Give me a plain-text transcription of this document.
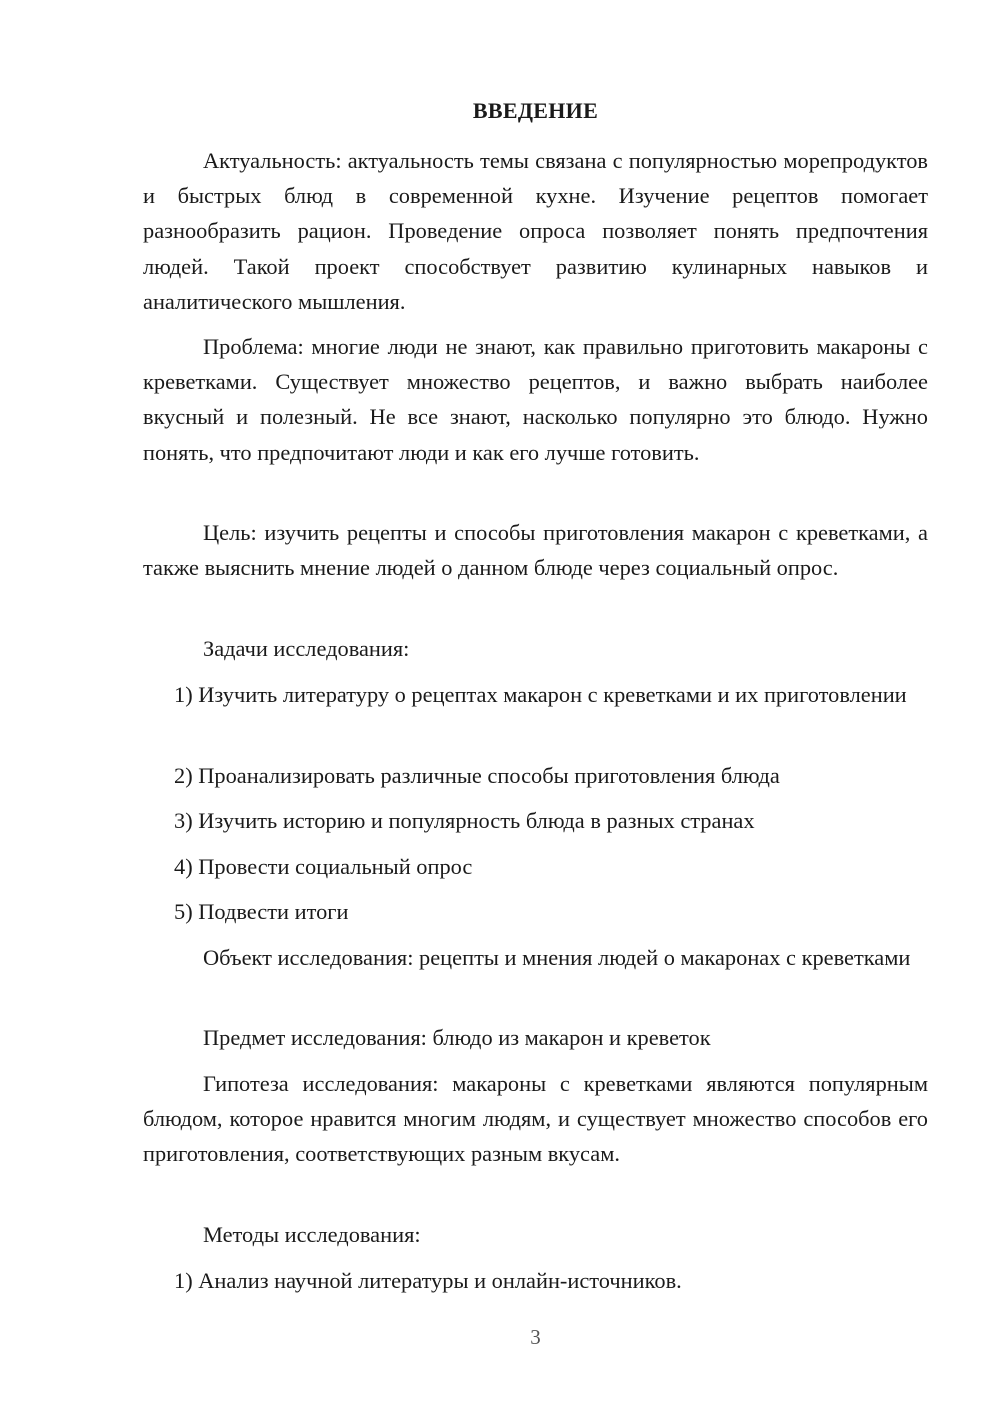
ВВЕДЕНИЕ

Актуальность: актуальность темы связана с популярностью морепродуктов и быстрых блюд в современной кухне. Изучение рецептов помогает разнообразить рацион. Проведение опроса позволяет понять предпочтения людей. Такой проект способствует развитию кулинарных навыков и аналитического мышления.

Проблема: многие люди не знают, как правильно приготовить макароны с креветками. Существует множество рецептов, и важно выбрать наиболее вкусный и полезный. Не все знают, насколько популярно это блюдо. Нужно понять, что предпочитают люди и как его лучше готовить.

Цель: изучить рецепты и способы приготовления макарон с креветками, а также выяснить мнение людей о данном блюде через социальный опрос.

Задачи исследования:

1) Изучить литературу о рецептах макарон с креветками и их приготовлении

2) Проанализировать различные способы приготовления блюда

3) Изучить историю и популярность блюда в разных странах

4) Провести социальный опрос

5) Подвести итоги

Объект исследования: рецепты и мнения людей о макаронах с креветками

Предмет исследования: блюдо из макарон и креветок

Гипотеза исследования: макароны с креветками являются популярным блюдом, которое нравится многим людям, и существует множество способов его приготовления, соответствующих разным вкусам.

Методы исследования:

1) Анализ научной литературы и онлайн-источников.

3
